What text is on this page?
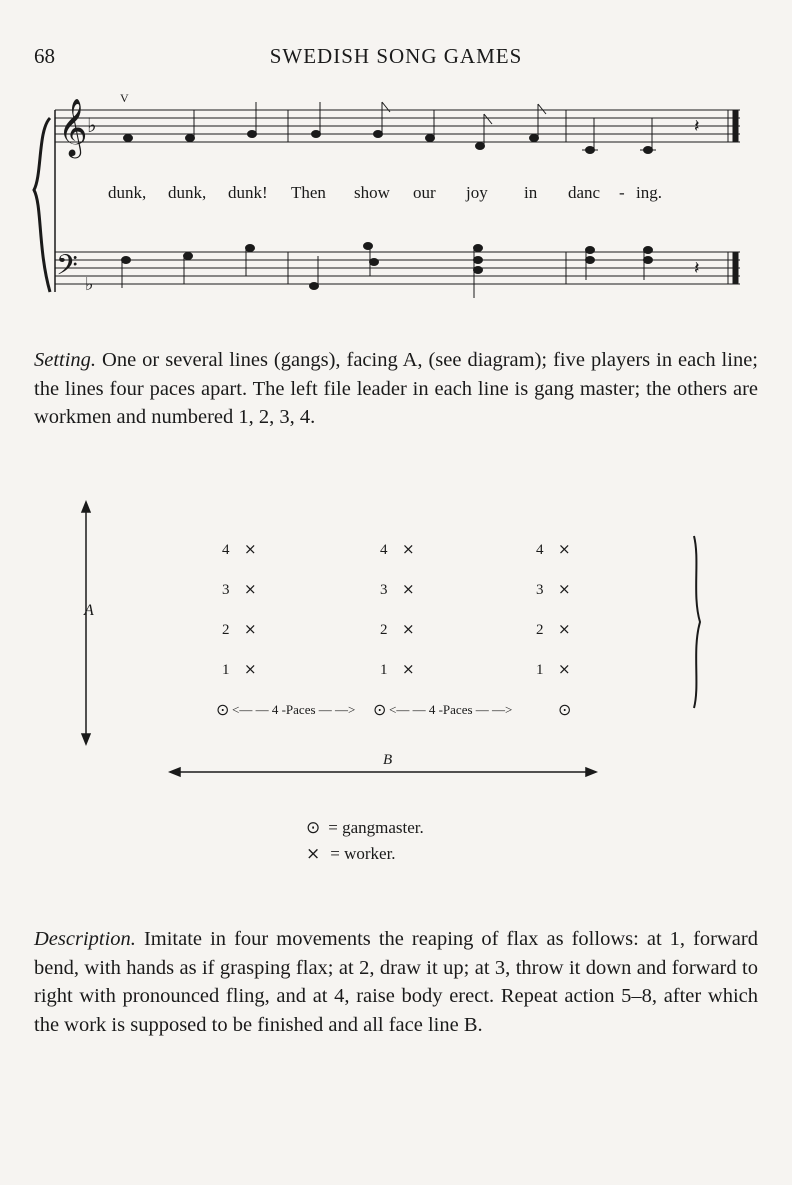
68	SWEDISH SONG GAMES
𝄞 ♭
𝄢 ♭
V
𝄽
𝄽
dunk, dunk, dunk! Then show our joy in danc - ing.
Setting. One or several lines (gangs), facing A, (see diagram); five players in each line; the lines four paces apart. The left file leader in each line is gang master; the others are workmen and numbered 1, 2, 3, 4.
A
B
4 ×	4 ×	4 ×
3 ×	3 ×	3 ×
2 ×	2 ×	2 ×
1 ×	1 ×	1 ×
⊙ <— — 4 -Paces — —> ⊙ <— — 4 -Paces — —>	⊙
⊙ = gangmaster.
× = worker.
Description. Imitate in four movements the reaping of flax as follows: at 1, forward bend, with hands as if grasping flax; at 2, draw it up; at 3, throw it down and forward to right with pronounced fling, and at 4, raise body erect. Repeat action 5–8, after which the work is supposed to be finished and all face line B.
